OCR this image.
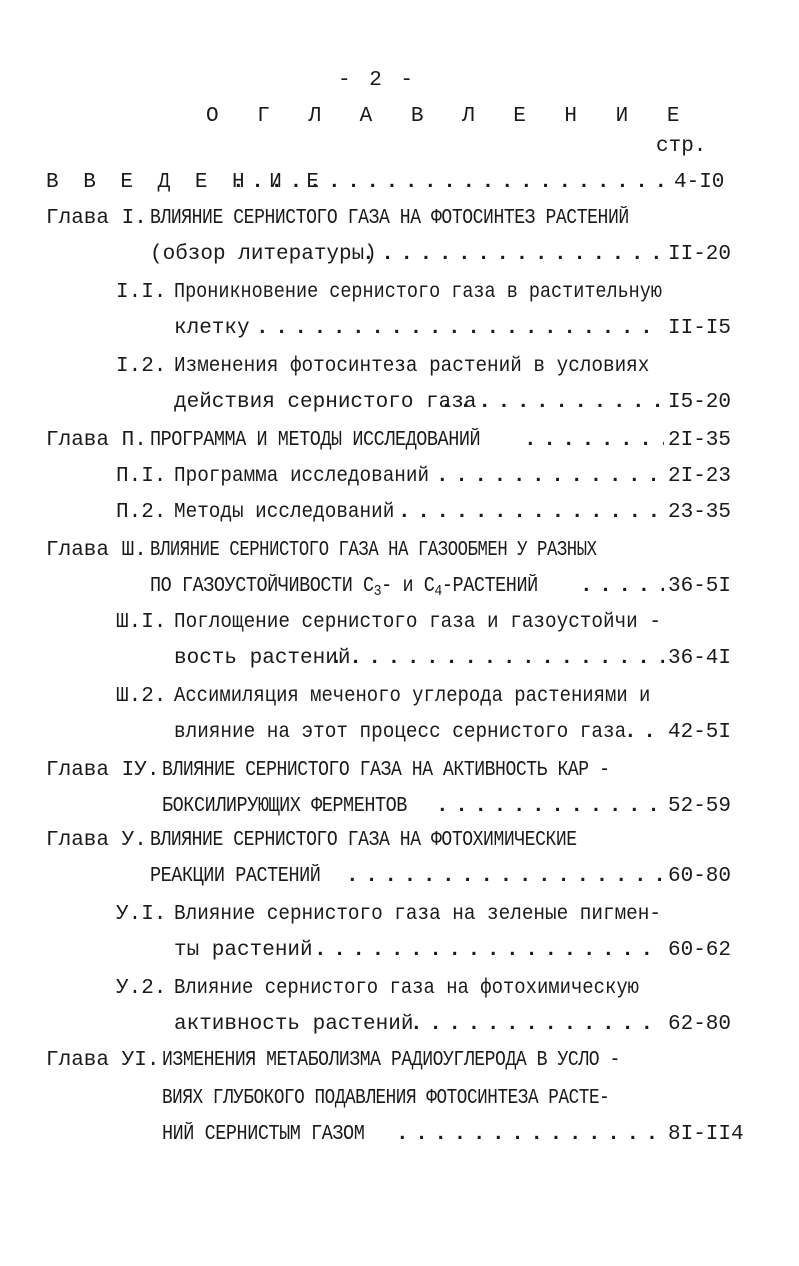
- 2 -
О Г Л А В Л Е Н И Е
стр.
В В Е Д Е Н И Е . . .	4-I0
Глава I. ВЛИЯНИЕ СЕРНИСТОГО ГАЗА НА ФОТОСИНТЕЗ РАСТЕНИЙ
(обзор литературы) . . .	II-20
I.I. Проникновение сернистого газа в растительную
клетку . . .	II-I5
I.2. Изменения фотосинтеза растений в условиях
действия сернистого газа . . .	I5-20
Глава П. ПРОГРАММА И МЕТОДЫ ИССЛЕДОВАНИЙ . . .	2I-35
П.I. Программа исследований . . .	2I-23
П.2. Методы исследований . . .	23-35
Глава Ш. ВЛИЯНИЕ СЕРНИСТОГО ГАЗА НА ГАЗООБМЕН У РАЗНЫХ
ПО ГАЗОУСТОЙЧИВОСТИ $С_3-$ и $С_4$-РАСТЕНИЙ . . .	36-5I
Ш.I. Поглощение сернистого газа и газоустойчи -
вость растений . . .	36-4I
Ш.2. Ассимиляция меченого углерода растениями и
влияние на этот процесс сернистого газа . . . 42-5I
Глава IУ. ВЛИЯНИЕ СЕРНИСТОГО ГАЗА НА АКТИВНОСТЬ КАР -
БОКСИЛИРУЮЩИХ ФЕРМЕНТОВ . . .	52-59
Глава У. ВЛИЯНИЕ СЕРНИСТОГО ГАЗА НА ФОТОХИМИЧЕСКИЕ
РЕАКЦИИ РАСТЕНИЙ . . .	60-80
У.I. Влияние сернистого газа на зеленые пигмен-
ты растений . . .	60-62
У.2. Влияние сернистого газа на фотохимическую
активность растений . . .	62-80
Глава УI. ИЗМЕНЕНИЯ МЕТАБОЛИЗМА РАДИОУГЛЕРОДА В УСЛО -
ВИЯХ ГЛУБОКОГО ПОДАВЛЕНИЯ ФОТОСИНТЕЗА РАСТЕ-
НИЙ СЕРНИСТЫМ ГАЗОМ . . .	8I-II4
